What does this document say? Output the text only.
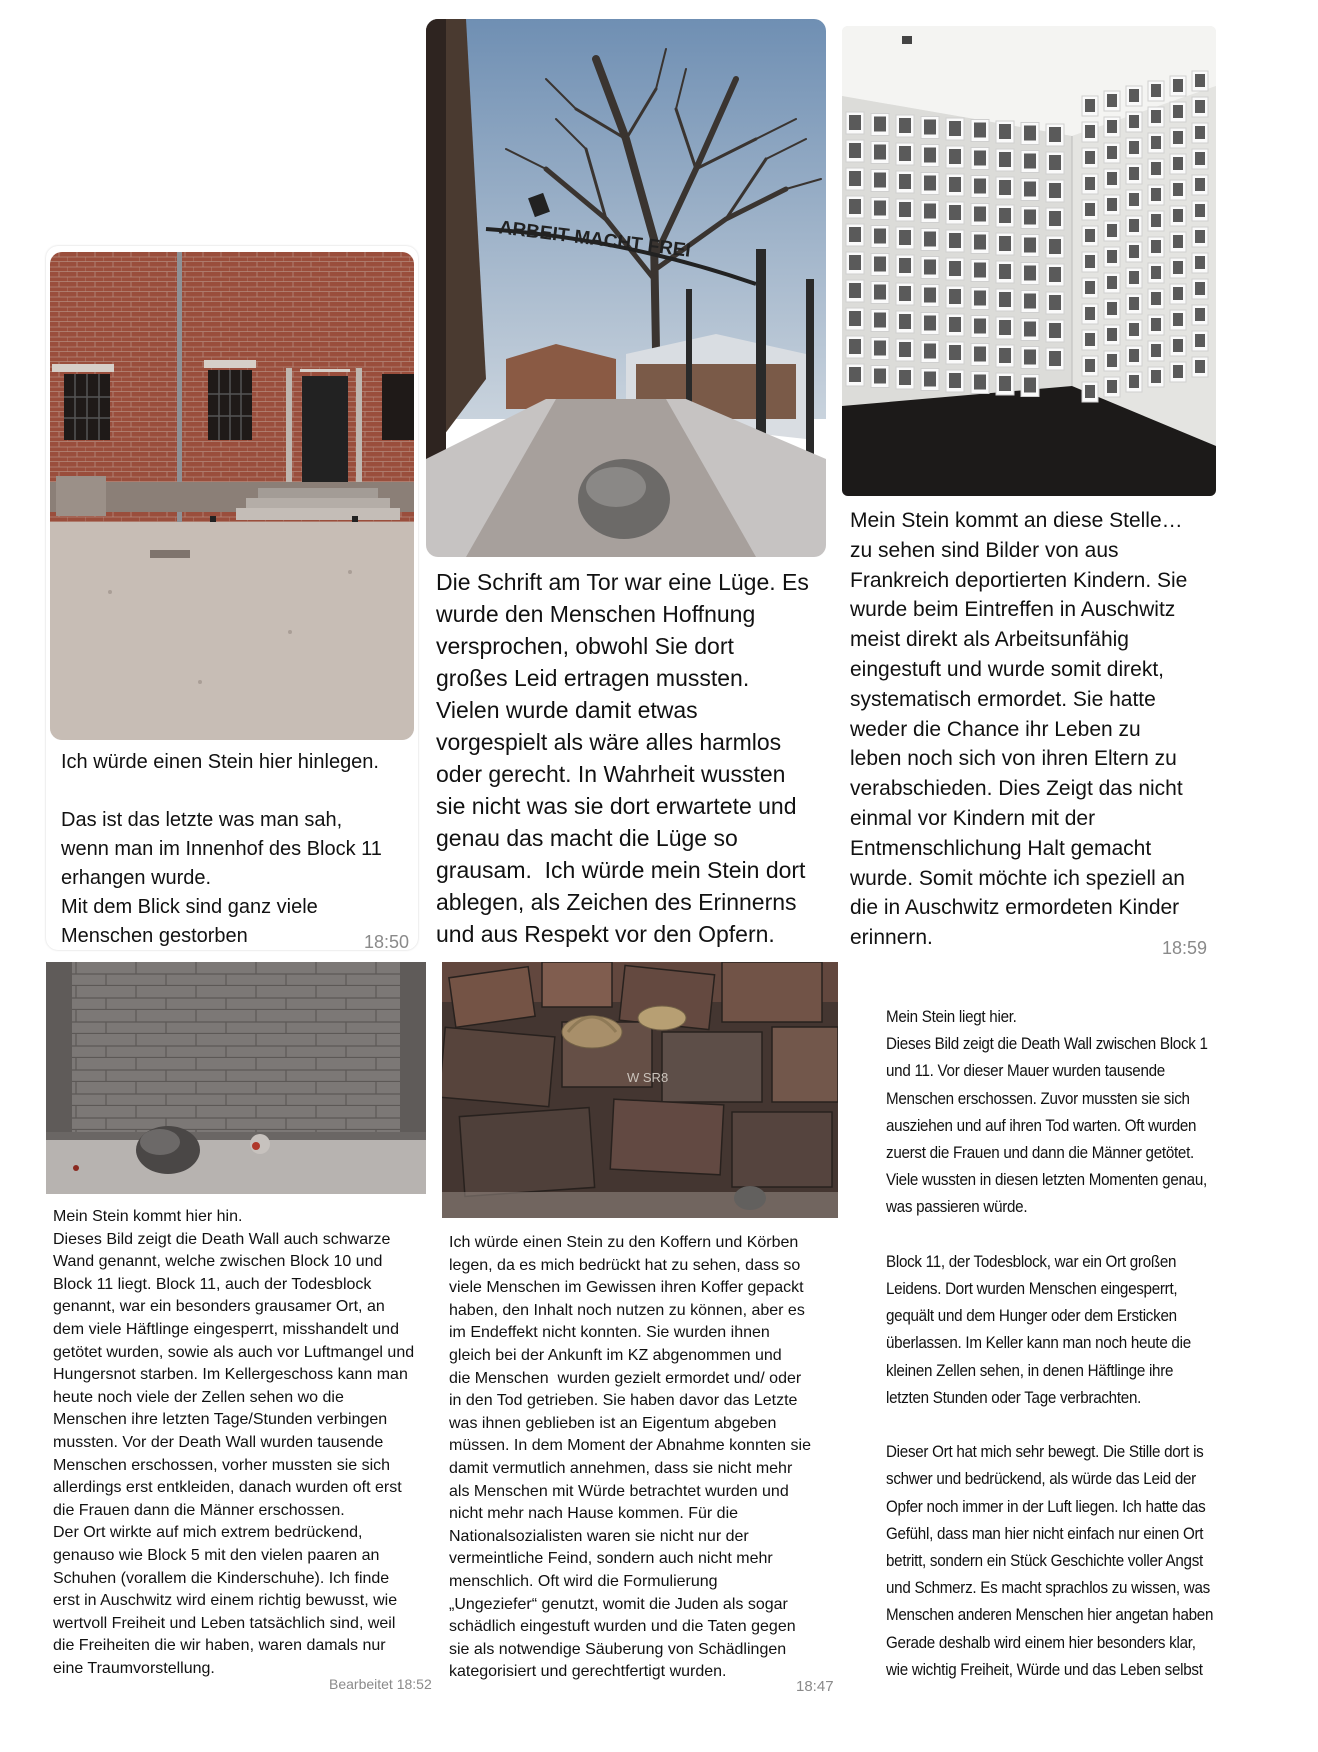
Ich würde einen Stein hier hinlegen.

Das ist das letzte was man sah,
wenn man im Innenhof des Block 11
erhangen wurde.
Mit dem Blick sind ganz viele
Menschen gestorben	18:50
ARBEIT MACHT FREI
Die Schrift am Tor war eine Lüge. Es
wurde den Menschen Hoffnung
versprochen, obwohl Sie dort
großes Leid ertragen mussten.
Vielen wurde damit etwas
vorgespielt als wäre alles harmlos
oder gerecht. In Wahrheit wussten
sie nicht was sie dort erwartete und
genau das macht die Lüge so
grausam.  Ich würde mein Stein dort
ablegen, als Zeichen des Erinnerns
und aus Respekt vor den Opfern.
Mein Stein kommt an diese Stelle…
zu sehen sind Bilder von aus
Frankreich deportierten Kindern. Sie
wurde beim Eintreffen in Auschwitz
meist direkt als Arbeitsunfähig
eingestuft und wurde somit direkt,
systematisch ermordet. Sie hatte
weder die Chance ihr Leben zu
leben noch sich von ihren Eltern zu
verabschieden. Dies Zeigt das nicht
einmal vor Kindern mit der
Entmenschlichung Halt gemacht
wurde. Somit möchte ich speziell an
die in Auschwitz ermordeten Kinder
erinnern.	18:59
Mein Stein kommt hier hin.
Dieses Bild zeigt die Death Wall auch schwarze
Wand genannt, welche zwischen Block 10 und
Block 11 liegt. Block 11, auch der Todesblock
genannt, war ein besonders grausamer Ort, an
dem viele Häftlinge eingesperrt, misshandelt und
getötet wurden, sowie als auch vor Luftmangel und
Hungersnot starben. Im Kellergeschoss kann man
heute noch viele der Zellen sehen wo die
Menschen ihre letzten Tage/Stunden verbingen
mussten. Vor der Death Wall wurden tausende
Menschen erschossen, vorher mussten sie sich
allerdings erst entkleiden, danach wurden oft erst
die Frauen dann die Männer erschossen.
Der Ort wirkte auf mich extrem bedrückend,
genauso wie Block 5 mit den vielen paaren an
Schuhen (vorallem die Kinderschuhe). Ich finde
erst in Auschwitz wird einem richtig bewusst, wie
wertvoll Freiheit und Leben tatsächlich sind, weil
die Freiheiten die wir haben, waren damals nur
eine Traumvorstellung.
Bearbeitet 18:52
W SR8
Ich würde einen Stein zu den Koffern und Körben
legen, da es mich bedrückt hat zu sehen, dass so
viele Menschen im Gewissen ihren Koffer gepackt
haben, den Inhalt noch nutzen zu können, aber es
im Endeffekt nicht konnten. Sie wurden ihnen
gleich bei der Ankunft im KZ abgenommen und
die Menschen  wurden gezielt ermordet und/ oder
in den Tod getrieben. Sie haben davor das Letzte
was ihnen geblieben ist an Eigentum abgeben
müssen. In dem Moment der Abnahme konnten sie
damit vermutlich annehmen, dass sie nicht mehr
als Menschen mit Würde betrachtet wurden und
nicht mehr nach Hause kommen. Für die
Nationalsozialisten waren sie nicht nur der
vermeintliche Feind, sondern auch nicht mehr
menschlich. Oft wird die Formulierung
„Ungeziefer“ genutzt, womit die Juden als sogar
schädlich eingestuft wurden und die Taten gegen
sie als notwendige Säuberung von Schädlingen
kategorisiert und gerechtfertigt wurden.
18:47
Mein Stein liegt hier.
Dieses Bild zeigt die Death Wall zwischen Block 1
und 11. Vor dieser Mauer wurden tausende
Menschen erschossen. Zuvor mussten sie sich
ausziehen und auf ihren Tod warten. Oft wurden
zuerst die Frauen und dann die Männer getötet.
Viele wussten in diesen letzten Momenten genau,
was passieren würde.

Block 11, der Todesblock, war ein Ort großen
Leidens. Dort wurden Menschen eingesperrt,
gequält und dem Hunger oder dem Ersticken
überlassen. Im Keller kann man noch heute die
kleinen Zellen sehen, in denen Häftlinge ihre
letzten Stunden oder Tage verbrachten.

Dieser Ort hat mich sehr bewegt. Die Stille dort is
schwer und bedrückend, als würde das Leid der
Opfer noch immer in der Luft liegen. Ich hatte das
Gefühl, dass man hier nicht einfach nur einen Ort
betritt, sondern ein Stück Geschichte voller Angst
und Schmerz. Es macht sprachlos zu wissen, was
Menschen anderen Menschen hier angetan haben
Gerade deshalb wird einem hier besonders klar,
wie wichtig Freiheit, Würde und das Leben selbst
